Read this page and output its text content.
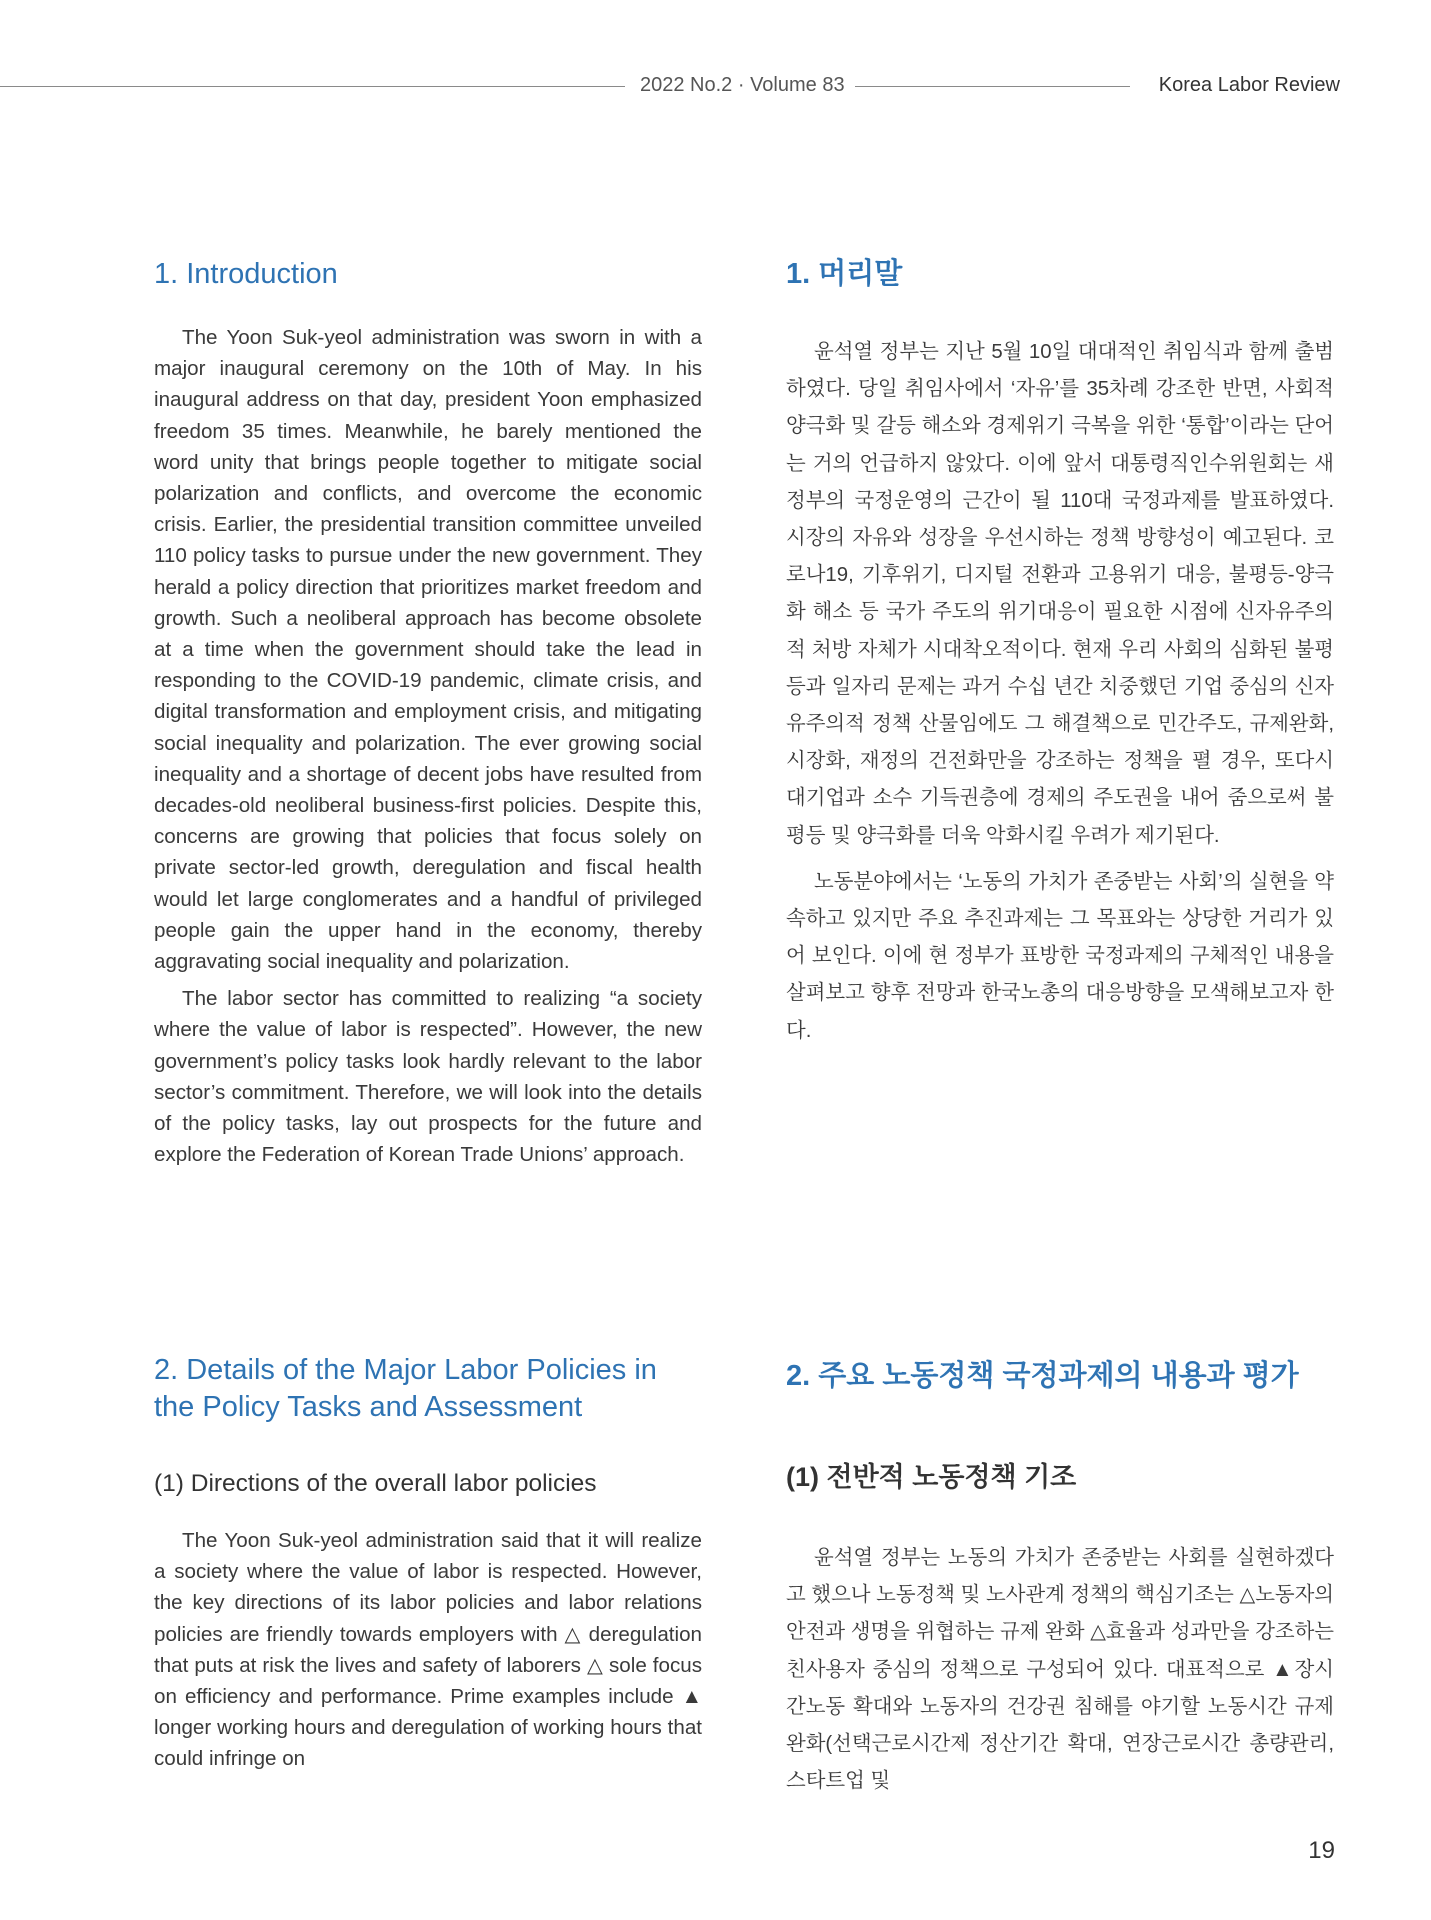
2022 No.2 · Volume 83	Korea Labor Review
1. Introduction

The Yoon Suk-yeol administration was sworn in with a major inaugural ceremony on the 10th of May. In his inaugural address on that day, president Yoon emphasized freedom 35 times. Meanwhile, he barely mentioned the word unity that brings people together to mitigate social polarization and conflicts, and overcome the economic crisis. Earlier, the presidential transition committee unveiled 110 policy tasks to pursue under the new government. They herald a policy direction that prioritizes market freedom and growth. Such a neoliberal approach has become obsolete at a time when the government should take the lead in responding to the COVID-19 pandemic, climate crisis, and digital transformation and employment crisis, and mitigating social inequality and polarization. The ever growing social inequality and a shortage of decent jobs have resulted from decades-old neoliberal business-first policies. Despite this, concerns are growing that policies that focus solely on private sector-led growth, deregulation and fiscal health would let large conglomerates and a handful of privileged people gain the upper hand in the economy, thereby aggravating social inequality and polarization.

The labor sector has committed to realizing “a society where the value of labor is respected”. However, the new government’s policy tasks look hardly relevant to the labor sector’s commitment. Therefore, we will look into the details of the policy tasks, lay out prospects for the future and explore the Federation of Korean Trade Unions’ approach.

2. Details of the Major Labor Policies in the Policy Tasks and Assessment
(1) Directions of the overall labor policies

The Yoon Suk-yeol administration said that it will realize a society where the value of labor is respected. However, the key directions of its labor policies and labor relations policies are friendly towards employers with △ deregulation that puts at risk the lives and safety of laborers △ sole focus on efficiency and performance. Prime examples include ▲ longer working hours and deregulation of working hours that could infringe on

1. 머리말

윤석열 정부는 지난 5월 10일 대대적인 취임식과 함께 출범하였다. 당일 취임사에서 ‘자유’를 35차례 강조한 반면, 사회적 양극화 및 갈등 해소와 경제위기 극복을 위한 ‘통합’이라는 단어는 거의 언급하지 않았다. 이에 앞서 대통령직인수위원회는 새 정부의 국정운영의 근간이 될 110대 국정과제를 발표하였다. 시장의 자유와 성장을 우선시하는 정책 방향성이 예고된다. 코로나19, 기후위기, 디지털 전환과 고용위기 대응, 불평등-양극화 해소 등 국가 주도의 위기대응이 필요한 시점에 신자유주의적 처방 자체가 시대착오적이다. 현재 우리 사회의 심화된 불평등과 일자리 문제는 과거 수십 년간 치중했던 기업 중심의 신자유주의적 정책 산물임에도 그 해결책으로 민간주도, 규제완화, 시장화, 재정의 건전화만을 강조하는 정책을 펼 경우, 또다시 대기업과 소수 기득권층에 경제의 주도권을 내어 줌으로써 불평등 및 양극화를 더욱 악화시킬 우려가 제기된다.

노동분야에서는 ‘노동의 가치가 존중받는 사회’의 실현을 약속하고 있지만 주요 추진과제는 그 목표와는 상당한 거리가 있어 보인다. 이에 현 정부가 표방한 국정과제의 구체적인 내용을 살펴보고 향후 전망과 한국노총의 대응방향을 모색해보고자 한다.

2. 주요 노동정책 국정과제의 내용과 평가
(1) 전반적 노동정책 기조

윤석열 정부는 노동의 가치가 존중받는 사회를 실현하겠다고 했으나 노동정책 및 노사관계 정책의 핵심기조는 △노동자의 안전과 생명을 위협하는 규제 완화 △효율과 성과만을 강조하는 친사용자 중심의 정책으로 구성되어 있다. 대표적으로 ▲장시간노동 확대와 노동자의 건강권 침해를 야기할 노동시간 규제완화(선택근로시간제 정산기간 확대, 연장근로시간 총량관리, 스타트업 및

19
